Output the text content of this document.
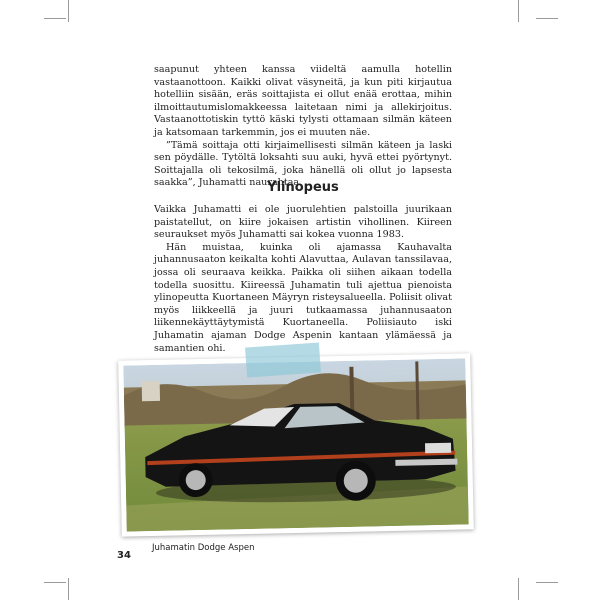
saapunut yhteen kanssa viideltä aamulla hotellin vastaanottoon. Kaikki olivat väsyneitä, ja kun piti kirjautua hotelliin sisään, eräs soittajista ei ollut enää erottaa, mihin ilmoittautumislomakkeessa laitetaan nimi ja allekirjoitus. Vastaanottotiskin tyttö käski tylysti ottamaan silmän käteen ja katsomaan tarkemmin, jos ei muuten näe.

”Tämä soittaja otti kirjaimellisesti silmän käteen ja laski sen pöydälle. Tytöltä loksahti suu auki, hyvä ettei pyörtynyt. Soittajalla oli tekosilmä, joka hänellä oli ollut jo lapsesta saakka”, Juhamatti naurahtaa.

Ylinopeus

Vaikka Juhamatti ei ole juorulehtien palstoilla juurikaan paistatellut, on kiire jokaisen artistin vihollinen. Kiireen seuraukset myös Juhamatti sai kokea vuonna 1983.

Hän muistaa, kuinka oli ajamassa Kauhavalta juhannusaaton keikalta kohti Alavuttaa, Aulavan tanssilavaa, jossa oli seuraava keikka. Paikka oli siihen aikaan todella todella suosittu. Kiireessä Juhamatin tuli ajettua pienoista ylinopeutta Kuortaneen Mäyryn risteysalueella. Poliisit olivat myös liikkeellä ja juuri tutkaamassa juhannusaaton liikennekäyttäytymistä Kuortaneella. Poliisiauto iski Juhamatin ajaman Dodge Aspenin kantaan ylämäessä ja samantien ohi.

Juhamatin Dodge Aspen
34
